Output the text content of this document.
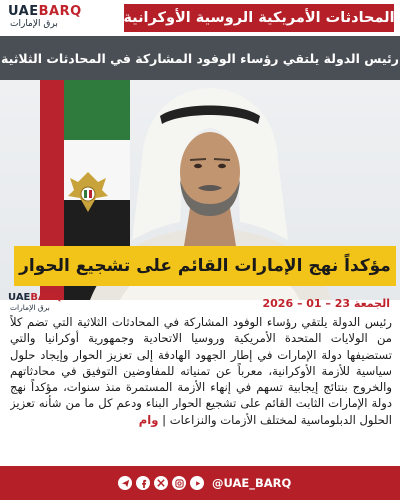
UAEBARQ
برق الإمارات	المحادثات الأمريكية الروسية الأوكرانية
رئيس الدولة يلتقي رؤساء الوفود المشاركة في المحادثات الثلاثية
مؤكداً نهج الإمارات القائم على تشجيع الحوار
UAEBARQ
برق الإمارات	الجمعة 23 – 01 – 2026
رئيس الدولة يلتقي رؤساء الوفود المشاركة في المحادثات الثلاثية التي تضم كلاً من الولايات المتحدة الأمريكية وروسيا الاتحادية وجمهورية أوكرانيا والتي تستضيفها دولة الإمارات في إطار الجهود الهادفة إلى تعزيز الحوار وإيجاد حلول سياسية للأزمة الأوكرانية، معرباً عن تمنياته للمفاوضين التوفيق في محادثاتهم والخروج بنتائج إيجابية تسهم في إنهاء الأزمة المستمرة منذ سنوات، مؤكداً نهج دولة الإمارات الثابت القائم على تشجيع الحوار البناء ودعم كل ما من شأنه تعزيز الحلول الدبلوماسية لمختلف الأزمات والنزاعات | وام
@UAE_BARQ
